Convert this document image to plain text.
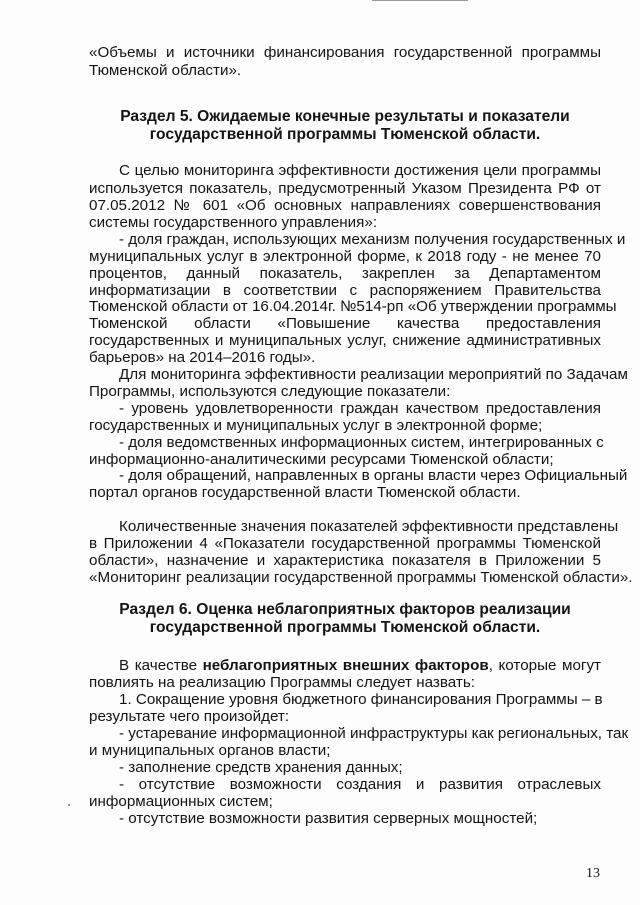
«Объемы и источники финансирования государственной программы
Тюменской области».
Раздел 5. Ожидаемые конечные результаты и показатели
государственной программы Тюменской области.
С целью мониторинга эффективности достижения цели программы
используется показатель, предусмотренный Указом Президента РФ от
07.05.2012 № 601 «Об основных направлениях совершенствования
системы государственного управления»:
- доля граждан, использующих механизм получения государственных и
муниципальных услуг в электронной форме, к 2018 году - не менее 70
процентов, данный показатель, закреплен за Департаментом
информатизации в соответствии с распоряжением Правительства
Тюменской области от 16.04.2014г. №514-рп «Об утверждении программы
Тюменской области «Повышение качества предоставления
государственных и муниципальных услуг, снижение административных
барьеров» на 2014–2016 годы».
Для мониторинга эффективности реализации мероприятий по Задачам
Программы, используются следующие показатели:
- уровень удовлетворенности граждан качеством предоставления
государственных и муниципальных услуг в электронной форме;
- доля ведомственных информационных систем, интегрированных с
информационно-аналитическими ресурсами Тюменской области;
- доля обращений, направленных в органы власти через Официальный
портал органов государственной власти Тюменской области.
Количественные значения показателей эффективности представлены
в Приложении 4 «Показатели государственной программы Тюменской
области», назначение и характеристика показателя в Приложении 5
«Мониторинг реализации государственной программы Тюменской области».
Раздел 6. Оценка неблагоприятных факторов реализации
государственной программы Тюменской области.
В качестве неблагоприятных внешних факторов, которые могут
повлиять на реализацию Программы следует назвать:
1. Сокращение уровня бюджетного финансирования Программы – в
результате чего произойдет:
- устаревание информационной инфраструктуры как региональных, так
и муниципальных органов власти;
- заполнение средств хранения данных;
- отсутствие возможности создания и развития отраслевых
информационных систем;
- отсутствие возможности развития серверных мощностей;
13
